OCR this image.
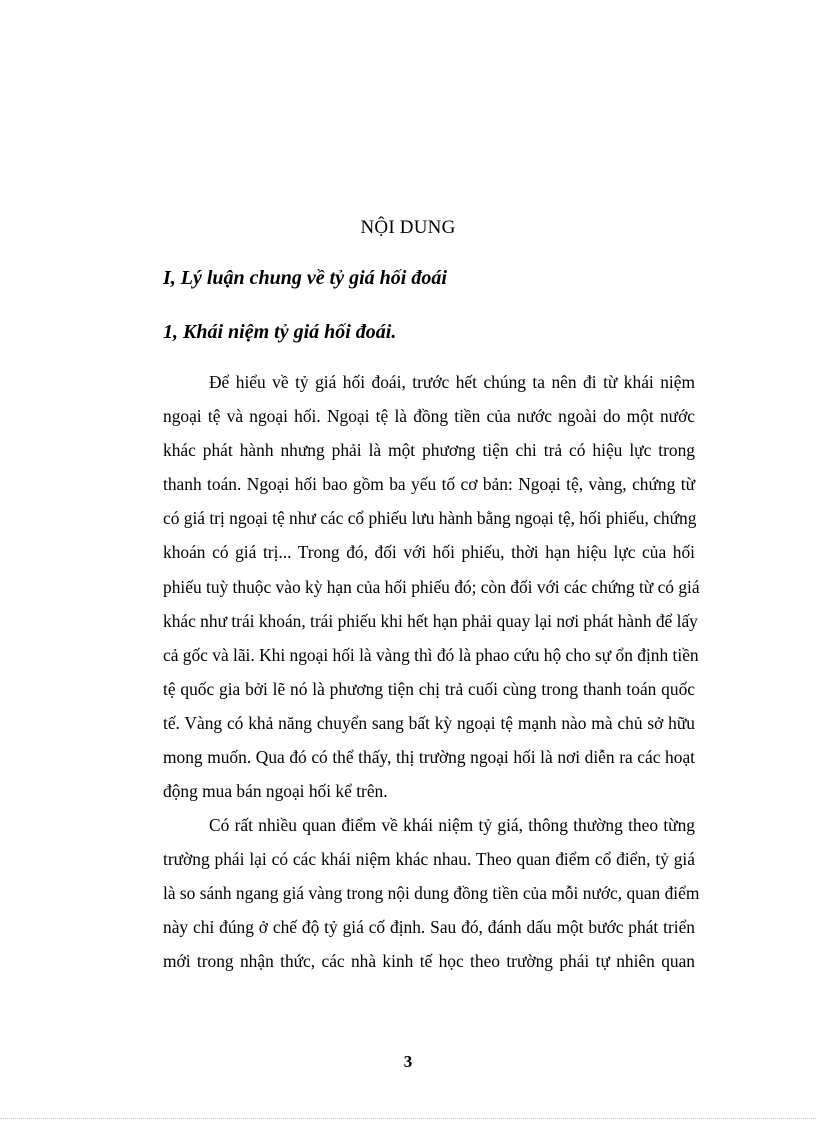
NỘI DUNG
I, Lý luận chung về tỷ giá hối đoái
1, Khái niệm tỷ giá hối đoái.
Để hiểu về tỷ giá hối đoái, trước hết chúng ta nên đi từ khái niệm
ngoại tệ và ngoại hối. Ngoại tệ là đồng tiền của nước ngoài do một nước
khác phát hành nhưng phải là một phương tiện chi trả có hiệu lực trong
thanh toán. Ngoại hối bao gồm ba yếu tố cơ bản: Ngoại tệ, vàng, chứng từ
có giá trị ngoại tệ như các cổ phiếu lưu hành bằng ngoại tệ, hối phiếu, chứng
khoán có giá trị... Trong đó, đối với hối phiếu, thời hạn hiệu lực của hối
phiếu tuỳ thuộc vào kỳ hạn của hối phiếu đó; còn đối với các chứng từ có giá
khác như trái khoán, trái phiếu khi hết hạn phải quay lại nơi phát hành để lấy
cả gốc và lãi. Khi ngoại hối là vàng thì đó là phao cứu hộ cho sự ổn định tiền
tệ quốc gia bởi lẽ nó là phương tiện chị trả cuối cùng trong thanh toán quốc
tế. Vàng có khả năng chuyển sang bất kỳ ngoại tệ mạnh nào mà chủ sở hữu
mong muốn. Qua đó có thể thấy, thị trường ngoại hối là nơi diễn ra các hoạt
động mua bán ngoại hối kể trên.
Có rất nhiều quan điểm về khái niệm tỷ giá, thông thường theo từng
trường phái lại có các khái niệm khác nhau. Theo quan điểm cổ điển, tỷ giá
là so sánh ngang giá vàng trong nội dung đồng tiền của mỗi nước, quan điểm
này chỉ đúng ở chế độ tỷ giá cố định. Sau đó, đánh dấu một bước phát triển
mới trong nhận thức, các nhà kinh tế học theo trường phái tự nhiên quan
3
